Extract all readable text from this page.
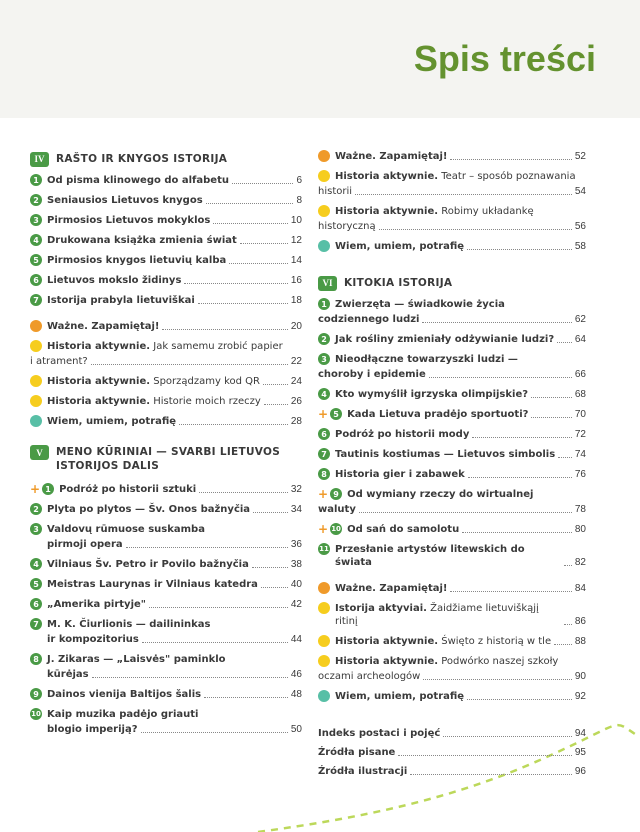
Spis treści
IV	RAŠTO IR KNYGOS ISTORIJA
1 Od pisma klinowego do alfabetu	6
2 Seniausios Lietuvos knygos	8
3 Pirmosios Lietuvos mokyklos	10
4 Drukowana książka zmienia świat	12
5 Pirmosios knygos lietuvių kalba	14
6 Lietuvos mokslo židinys	16
7 Istorija prabyla lietuviškai	18
Ważne. Zapamiętaj!	20
Historia aktywnie. Jak samemu zrobić papier
i atrament?	22
Historia aktywnie. Sporządzamy kod QR	24
Historia aktywnie. Historie moich rzeczy	26
Wiem, umiem, potrafię	28
V	MENO KŪRINIAI — SVARBI LIETUVOS
ISTORIJOS DALIS
+ 1 Podróż po historii sztuki	32
2 Plyta po plytos — Šv. Onos bažnyčia	34
3 Valdovų rūmuose suskamba
pirmoji opera	36
4 Vilniaus Šv. Petro ir Povilo bažnyčia	38
5 Meistras Laurynas ir Vilniaus katedra	40
6 „Amerika pirtyje"	42
7 M. K. Čiurlionis — dailininkas
ir kompozitorius	44
8 J. Zikaras — „Laisvės" paminklo
kūrėjas	46
9 Dainos vienija Baltijos šalis	48
10 Kaip muzika padėjo griauti
blogio imperiją?	50
Ważne. Zapamiętaj!	52
Historia aktywnie. Teatr – sposób poznawania
historii	54
Historia aktywnie. Robimy układankę
historyczną	56
Wiem, umiem, potrafię	58
VI	KITOKIA ISTORIJA
1 Zwierzęta — świadkowie życia
codziennego ludzi	62
2 Jak rośliny zmieniały odżywianie ludzi? 64
3 Nieodłączne towarzyszki ludzi —
choroby i epidemie	66
4 Kto wymyślił igrzyska olimpijskie?	68
+ 5 Kada Lietuva pradėjo sportuoti?	70
6 Podróż po historii mody	72
7 Tautinis kostiumas — Lietuvos simbolis 74
8 Historia gier i zabawek	76
+ 9 Od wymiany rzeczy do wirtualnej
waluty	78
+ 10 Od sań do samolotu	80
11 Przesłanie artystów litewskich do świata	82
Ważne. Zapamiętaj!	84
Istorija aktyviai. Žaidžiame lietuviškąjį ritinį	86
Historia aktywnie. Święto z historią w tle 88
Historia aktywnie. Podwórko naszej szkoły
oczami archeologów	90
Wiem, umiem, potrafię	92
Indeks postaci i pojęć	94
Źródła pisane	95
Źródła ilustracji	96
